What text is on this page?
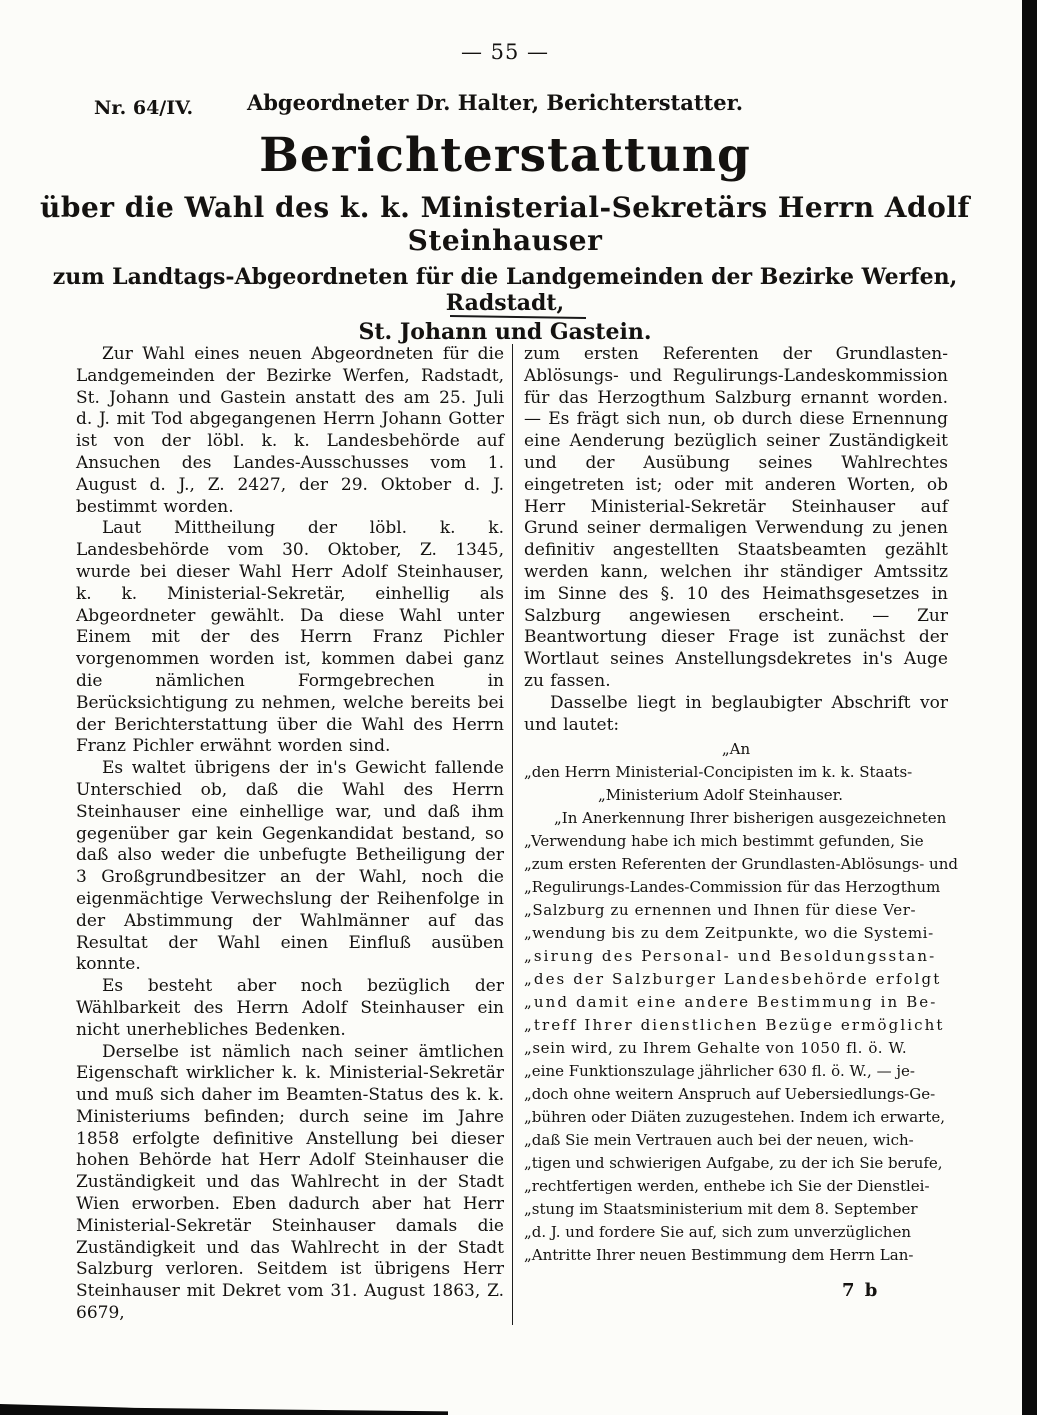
— 55 —
Nr. 64/IV.	Abgeordneter Dr. Halter, Berichterstatter.
Berichterstattung
über die Wahl des k. k. Ministerial-Sekretärs Herrn Adolf Steinhauser
zum Landtags-Abgeordneten für die Landgemeinden der Bezirke Werfen, Radstadt,
St. Johann und Gastein.

Zur Wahl eines neuen Abgeordneten für die Landgemeinden der Bezirke Werfen, Radstadt, St. Johann und Gastein anstatt des am 25. Juli d. J. mit Tod abgegangenen Herrn Johann Gotter ist von der löbl. k. k. Landesbehörde auf Ansuchen des Landes-Ausschusses vom 1. August d. J., Z. 2427, der 29. Oktober d. J. bestimmt worden.

Laut Mittheilung der löbl. k. k. Landesbehörde vom 30. Oktober, Z. 1345, wurde bei dieser Wahl Herr Adolf Steinhauser, k. k. Ministerial-Sekretär, einhellig als Abgeordneter gewählt. Da diese Wahl unter Einem mit der des Herrn Franz Pichler vorgenommen worden ist, kommen dabei ganz die nämlichen Formgebrechen in Berücksichtigung zu nehmen, welche bereits bei der Berichterstattung über die Wahl des Herrn Franz Pichler erwähnt worden sind.

Es waltet übrigens der in's Gewicht fallende Unterschied ob, daß die Wahl des Herrn Steinhauser eine einhellige war, und daß ihm gegenüber gar kein Gegenkandidat bestand, so daß also weder die unbefugte Betheiligung der 3 Großgrundbesitzer an der Wahl, noch die eigenmächtige Verwechslung der Reihenfolge in der Abstimmung der Wahlmänner auf das Resultat der Wahl einen Einfluß ausüben konnte.

Es besteht aber noch bezüglich der Wählbarkeit des Herrn Adolf Steinhauser ein nicht unerhebliches Bedenken.

Derselbe ist nämlich nach seiner ämtlichen Eigenschaft wirklicher k. k. Ministerial-Sekretär und muß sich daher im Beamten-Status des k. k. Ministeriums befinden; durch seine im Jahre 1858 erfolgte definitive Anstellung bei dieser hohen Behörde hat Herr Adolf Steinhauser die Zuständigkeit und das Wahlrecht in der Stadt Wien erworben. Eben dadurch aber hat Herr Ministerial-Sekretär Steinhauser damals die Zuständigkeit und das Wahlrecht in der Stadt Salzburg verloren. Seitdem ist übrigens Herr Steinhauser mit Dekret vom 31. August 1863, Z. 6679,

zum ersten Referenten der Grundlasten-Ablösungs- und Regulirungs-Landeskommission für das Herzogthum Salzburg ernannt worden. — Es frägt sich nun, ob durch diese Ernennung eine Aenderung bezüglich seiner Zuständigkeit und der Ausübung seines Wahlrechtes eingetreten ist; oder mit anderen Worten, ob Herr Ministerial-Sekretär Steinhauser auf Grund seiner dermaligen Verwendung zu jenen definitiv angestellten Staatsbeamten gezählt werden kann, welchen ihr ständiger Amtssitz im Sinne des §. 10 des Heimathsgesetzes in Salzburg angewiesen erscheint. — Zur Beantwortung dieser Frage ist zunächst der Wortlaut seines Anstellungsdekretes in's Auge zu fassen.

Dasselbe liegt in beglaubigter Abschrift vor und lautet:

„An
„den Herrn Ministerial-Concipisten im k. k. Staats-
„Ministerium Adolf Steinhauser.
„In Anerkennung Ihrer bisherigen ausgezeichneten
„Verwendung habe ich mich bestimmt gefunden, Sie
„zum ersten Referenten der Grundlasten-Ablösungs- und
„Regulirungs-Landes-Commission für das Herzogthum
„Salzburg zu ernennen und Ihnen für diese Ver-
„wendung bis zu dem Zeitpunkte, wo die Systemi-
„sirung des Personal- und Besoldungsstan-
„des der Salzburger Landesbehörde erfolgt
„und damit eine andere Bestimmung in Be-
„treff Ihrer dienstlichen Bezüge ermöglicht
„sein wird, zu Ihrem Gehalte von 1050 fl. ö. W.
„eine Funktionszulage jährlicher 630 fl. ö. W., — je-
„doch ohne weitern Anspruch auf Uebersiedlungs-Ge-
„bühren oder Diäten zuzugestehen. Indem ich erwarte,
„daß Sie mein Vertrauen auch bei der neuen, wich-
„tigen und schwierigen Aufgabe, zu der ich Sie berufe,
„rechtfertigen werden, enthebe ich Sie der Dienstlei-
„stung im Staatsministerium mit dem 8. September
„d. J. und fordere Sie auf, sich zum unverzüglichen
„Antritte Ihrer neuen Bestimmung dem Herrn Lan-
7 b
